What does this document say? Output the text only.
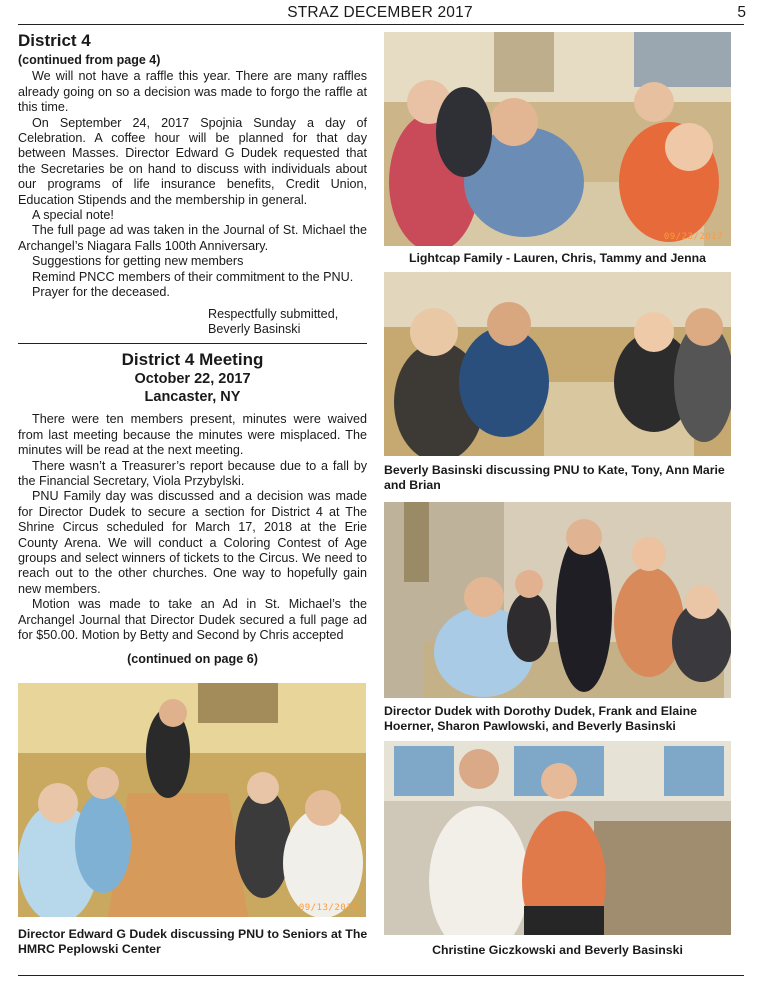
STRAZ DECEMBER 2017	5
District 4
(continued from page 4)

We will not have a raffle this year. There are many raffles already going on so a decision was made to forgo the raffle at this time.

On September 24, 2017 Spojnia Sunday a day of Celebration. A coffee hour will be planned for that day between Masses. Director Edward G Dudek requested that the Secretaries be on hand to discuss with individuals about our programs of life insurance benefits, Credit Union, Education Stipends and the membership in general.

A special note!

The full page ad was taken in the Journal of St. Michael the Archangel’s Niagara Falls 100th Anniversary.

Suggestions for getting new members

Remind PNCC members of their commitment to the PNU.

Prayer for the deceased.

Respectfully submitted,

Beverly Basinski

District 4 Meeting
October 22, 2017
Lancaster, NY

There were ten members present, minutes were waived from last meeting because the minutes were misplaced. The minutes will be read at the next meeting.

There wasn’t a Treasurer’s report because due to a fall by the Financial Secretary, Viola Przybylski.

PNU Family day was discussed and a decision was made for Director Dudek to secure a section for District 4 at The Shrine Circus scheduled for March 17, 2018 at the Erie County Arena. We will conduct a Coloring Contest of Age groups and select winners of tickets to the Circus. We need to reach out to the other churches. One way to hopefully gain new members.

Motion was made to take an Ad in St. Michael’s the Archangel Journal that Director Dudek secured a full page ad for $50.00. Motion by Betty and Second by Chris accepted

(continued on page 6)
09/23/2017
Lightcap Family - Lauren, Chris, Tammy and Jenna
Beverly Basinski discussing PNU to Kate, Tony, Ann Marie and Brian
Director Dudek with Dorothy Dudek, Frank and Elaine Hoerner, Sharon Pawlowski, and Beverly Basinski
Christine Giczkowski and Beverly Basinski
09/13/2016
Director Edward G Dudek discussing PNU to Seniors at The HMRC Peplowski Center
